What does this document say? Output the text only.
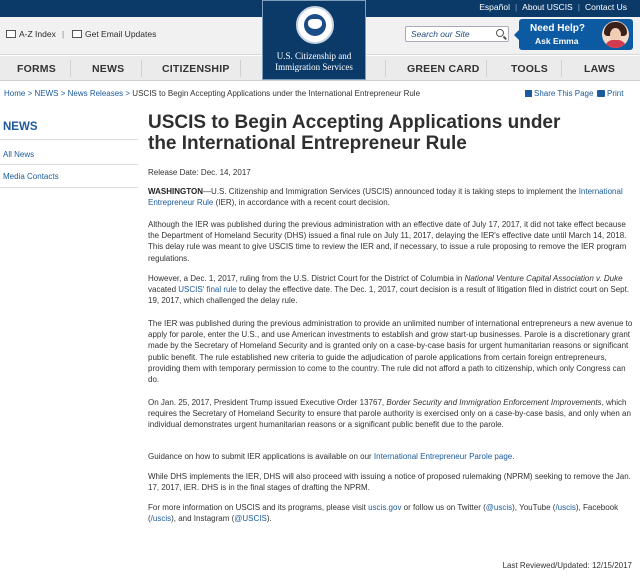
Español | About USCIS | Contact Us
A-Z Index | Get Email Updates	Search our Site	Need Help?
Ask Emma
FORMS	NEWS	CITIZENSHIP	GREEN CARD	TOOLS	LAWS
U.S. Citizenship and
Immigration Services
Home > NEWS > News Releases > USCIS to Begin Accepting Applications under the International Entrepreneur Rule	Share This Page Print
NEWS
All News
Media Contacts
USCIS to Begin Accepting Applications under the International Entrepreneur Rule
Release Date: Dec. 14, 2017

WASHINGTON—U.S. Citizenship and Immigration Services (USCIS) announced today it is taking steps to implement the International Entrepreneur Rule (IER), in accordance with a recent court decision.

Although the IER was published during the previous administration with an effective date of July 17, 2017, it did not take effect because the Department of Homeland Security (DHS) issued a final rule on July 11, 2017, delaying the IER's effective date until March 14, 2018. This delay rule was meant to give USCIS time to review the IER and, if necessary, to issue a rule proposing to remove the IER program regulations.

However, a Dec. 1, 2017, ruling from the U.S. District Court for the District of Columbia in National Venture Capital Association v. Duke vacated USCIS' final rule to delay the effective date. The Dec. 1, 2017, court decision is a result of litigation filed in district court on Sept. 19, 2017, which challenged the delay rule.

The IER was published during the previous administration to provide an unlimited number of international entrepreneurs a new avenue to apply for parole, enter the U.S., and use American investments to establish and grow start-up businesses. Parole is a discretionary grant made by the Secretary of Homeland Security and is granted only on a case-by-case basis for urgent humanitarian reasons or significant public benefit. The rule established new criteria to guide the adjudication of parole applications from certain foreign entrepreneurs, providing them with temporary permission to come to the country. The rule did not afford a path to citizenship, which only Congress can do.

On Jan. 25, 2017, President Trump issued Executive Order 13767, Border Security and Immigration Enforcement Improvements, which requires the Secretary of Homeland Security to ensure that parole authority is exercised only on a case-by-case basis, and only when an individual demonstrates urgent humanitarian reasons or a significant public benefit due to the parole.

Guidance on how to submit IER applications is available on our International Entrepreneur Parole page.

While DHS implements the IER, DHS will also proceed with issuing a notice of proposed rulemaking (NPRM) seeking to remove the Jan. 17, 2017, IER. DHS is in the final stages of drafting the NPRM.

For more information on USCIS and its programs, please visit uscis.gov or follow us on Twitter (@uscis), YouTube (/uscis), Facebook (/uscis), and Instagram (@USCIS).

Last Reviewed/Updated: 12/15/2017
